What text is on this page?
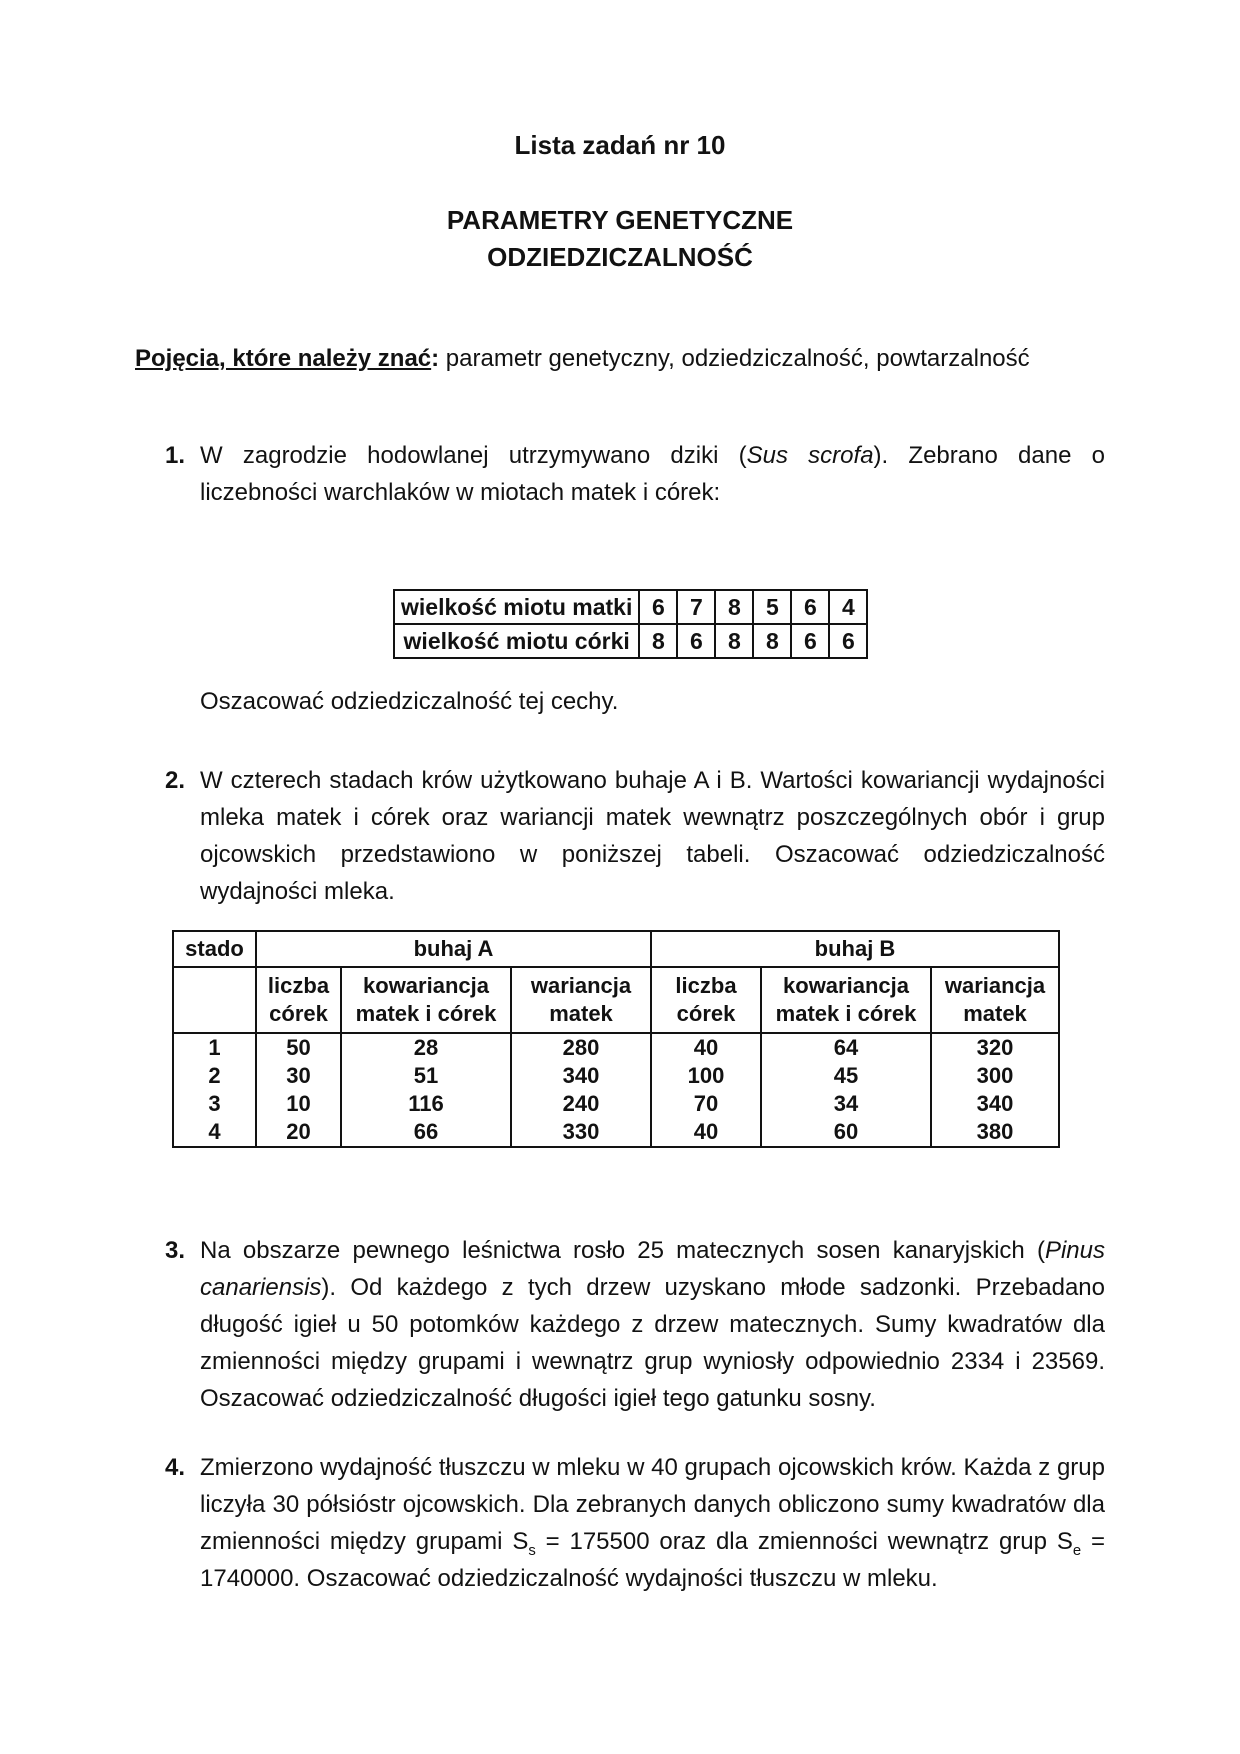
Lista zadań nr 10
PARAMETRY GENETYCZNE
ODZIEDZICZALNOŚĆ

Pojęcia, które należy znać: parametr genetyczny, odziedziczalność, powtarzalność

1. W zagrodzie hodowlanej utrzymywano dziki (Sus scrofa). Zebrano dane o liczebności warchlaków w miotach matek i córek:

wielkość miotu matki	6	7	8	5	6	4
wielkość miotu córki	8	6	8	8	6	6

Oszacować odziedziczalność tej cechy.

2. W czterech stadach krów użytkowano buhaje A i B. Wartości kowariancji wydajności mleka matek i córek oraz wariancji matek wewnątrz poszczególnych obór i grup ojcowskich przedstawiono w poniższej tabeli. Oszacować odziedziczalność wydajności mleka.

stado	buhaj A			buhaj B		
	liczba córek	kowariancja matek i córek	wariancja matek	liczba córek	kowariancja matek i córek	wariancja matek
1	50	28	280	40	64	320
2	30	51	340	100	45	300
3	10	116	240	70	34	340
4	20	66	330	40	60	380
3. Na obszarze pewnego leśnictwa rosło 25 matecznych sosen kanaryjskich (Pinus canariensis). Od każdego z tych drzew uzyskano młode sadzonki. Przebadano długość igieł u 50 potomków każdego z drzew matecznych. Sumy kwadratów dla zmienności między grupami i wewnątrz grup wyniosły odpowiednio 2334 i 23569. Oszacować odziedziczalność długości igieł tego gatunku sosny.

4. Zmierzono wydajność tłuszczu w mleku w 40 grupach ojcowskich krów. Każda z grup liczyła 30 półsióstr ojcowskich. Dla zebranych danych obliczono sumy kwadratów dla zmienności między grupami $S_s = 175500$ oraz dla zmienności wewnątrz grup $S_e = 1740000$. Oszacować odziedziczalność wydajności tłuszczu w mleku.
